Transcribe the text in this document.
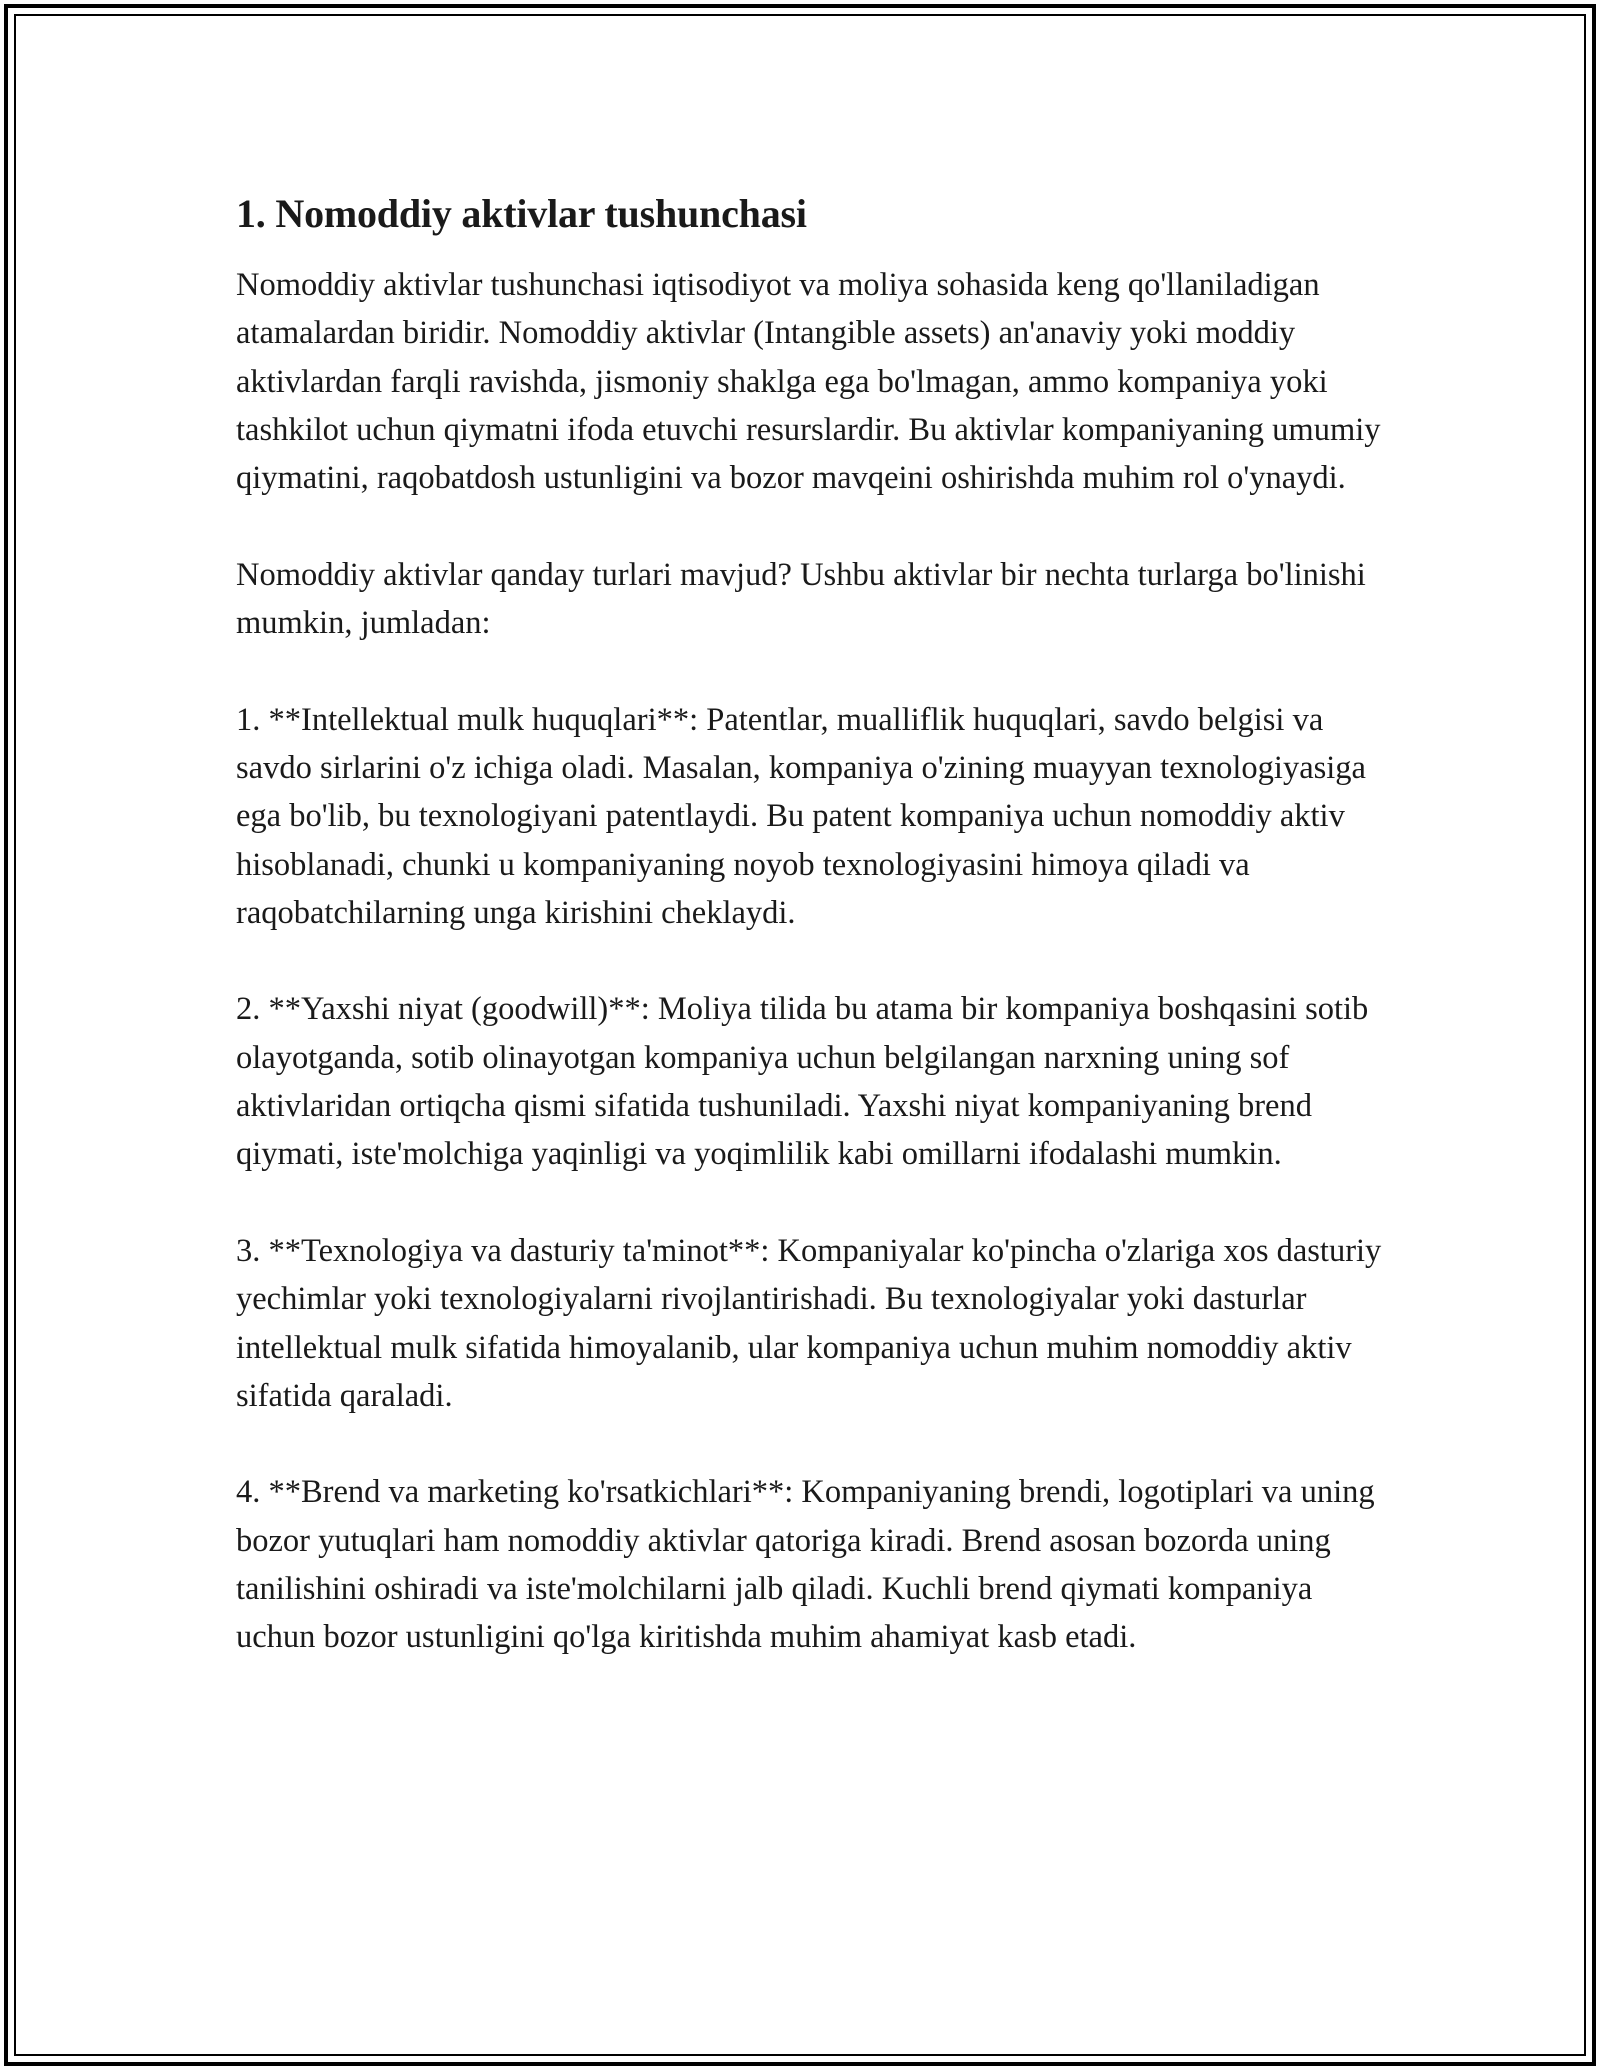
1. Nomoddiy aktivlar tushunchasi

Nomoddiy aktivlar tushunchasi iqtisodiyot va moliya sohasida keng qo'llaniladigan atamalardan biridir. Nomoddiy aktivlar (Intangible assets) an'anaviy yoki moddiy aktivlardan farqli ravishda, jismoniy shaklga ega bo'lmagan, ammo kompaniya yoki tashkilot uchun qiymatni ifoda etuvchi resurslardir. Bu aktivlar kompaniyaning umumiy qiymatini, raqobatdosh ustunligini va bozor mavqeini oshirishda muhim rol o'ynaydi.

Nomoddiy aktivlar qanday turlari mavjud? Ushbu aktivlar bir nechta turlarga bo'linishi mumkin, jumladan:

1. **Intellektual mulk huquqlari**: Patentlar, mualliflik huquqlari, savdo belgisi va savdo sirlarini o'z ichiga oladi. Masalan, kompaniya o'zining muayyan texnologiyasiga ega bo'lib, bu texnologiyani patentlaydi. Bu patent kompaniya uchun nomoddiy aktiv hisoblanadi, chunki u kompaniyaning noyob texnologiyasini himoya qiladi va raqobatchilarning unga kirishini cheklaydi.

2. **Yaxshi niyat (goodwill)**: Moliya tilida bu atama bir kompaniya boshqasini sotib olayotganda, sotib olinayotgan kompaniya uchun belgilangan narxning uning sof aktivlaridan ortiqcha qismi sifatida tushuniladi. Yaxshi niyat kompaniyaning brend qiymati, iste'molchiga yaqinligi va yoqimlilik kabi omillarni ifodalashi mumkin.

3. **Texnologiya va dasturiy ta'minot**: Kompaniyalar ko'pincha o'zlariga xos dasturiy yechimlar yoki texnologiyalarni rivojlantirishadi. Bu texnologiyalar yoki dasturlar intellektual mulk sifatida himoyalanib, ular kompaniya uchun muhim nomoddiy aktiv sifatida qaraladi.

4. **Brend va marketing ko'rsatkichlari**: Kompaniyaning brendi, logotiplari va uning bozor yutuqlari ham nomoddiy aktivlar qatoriga kiradi. Brend asosan bozorda uning tanilishini oshiradi va iste'molchilarni jalb qiladi. Kuchli brend qiymati kompaniya uchun bozor ustunligini qo'lga kiritishda muhim ahamiyat kasb etadi.
